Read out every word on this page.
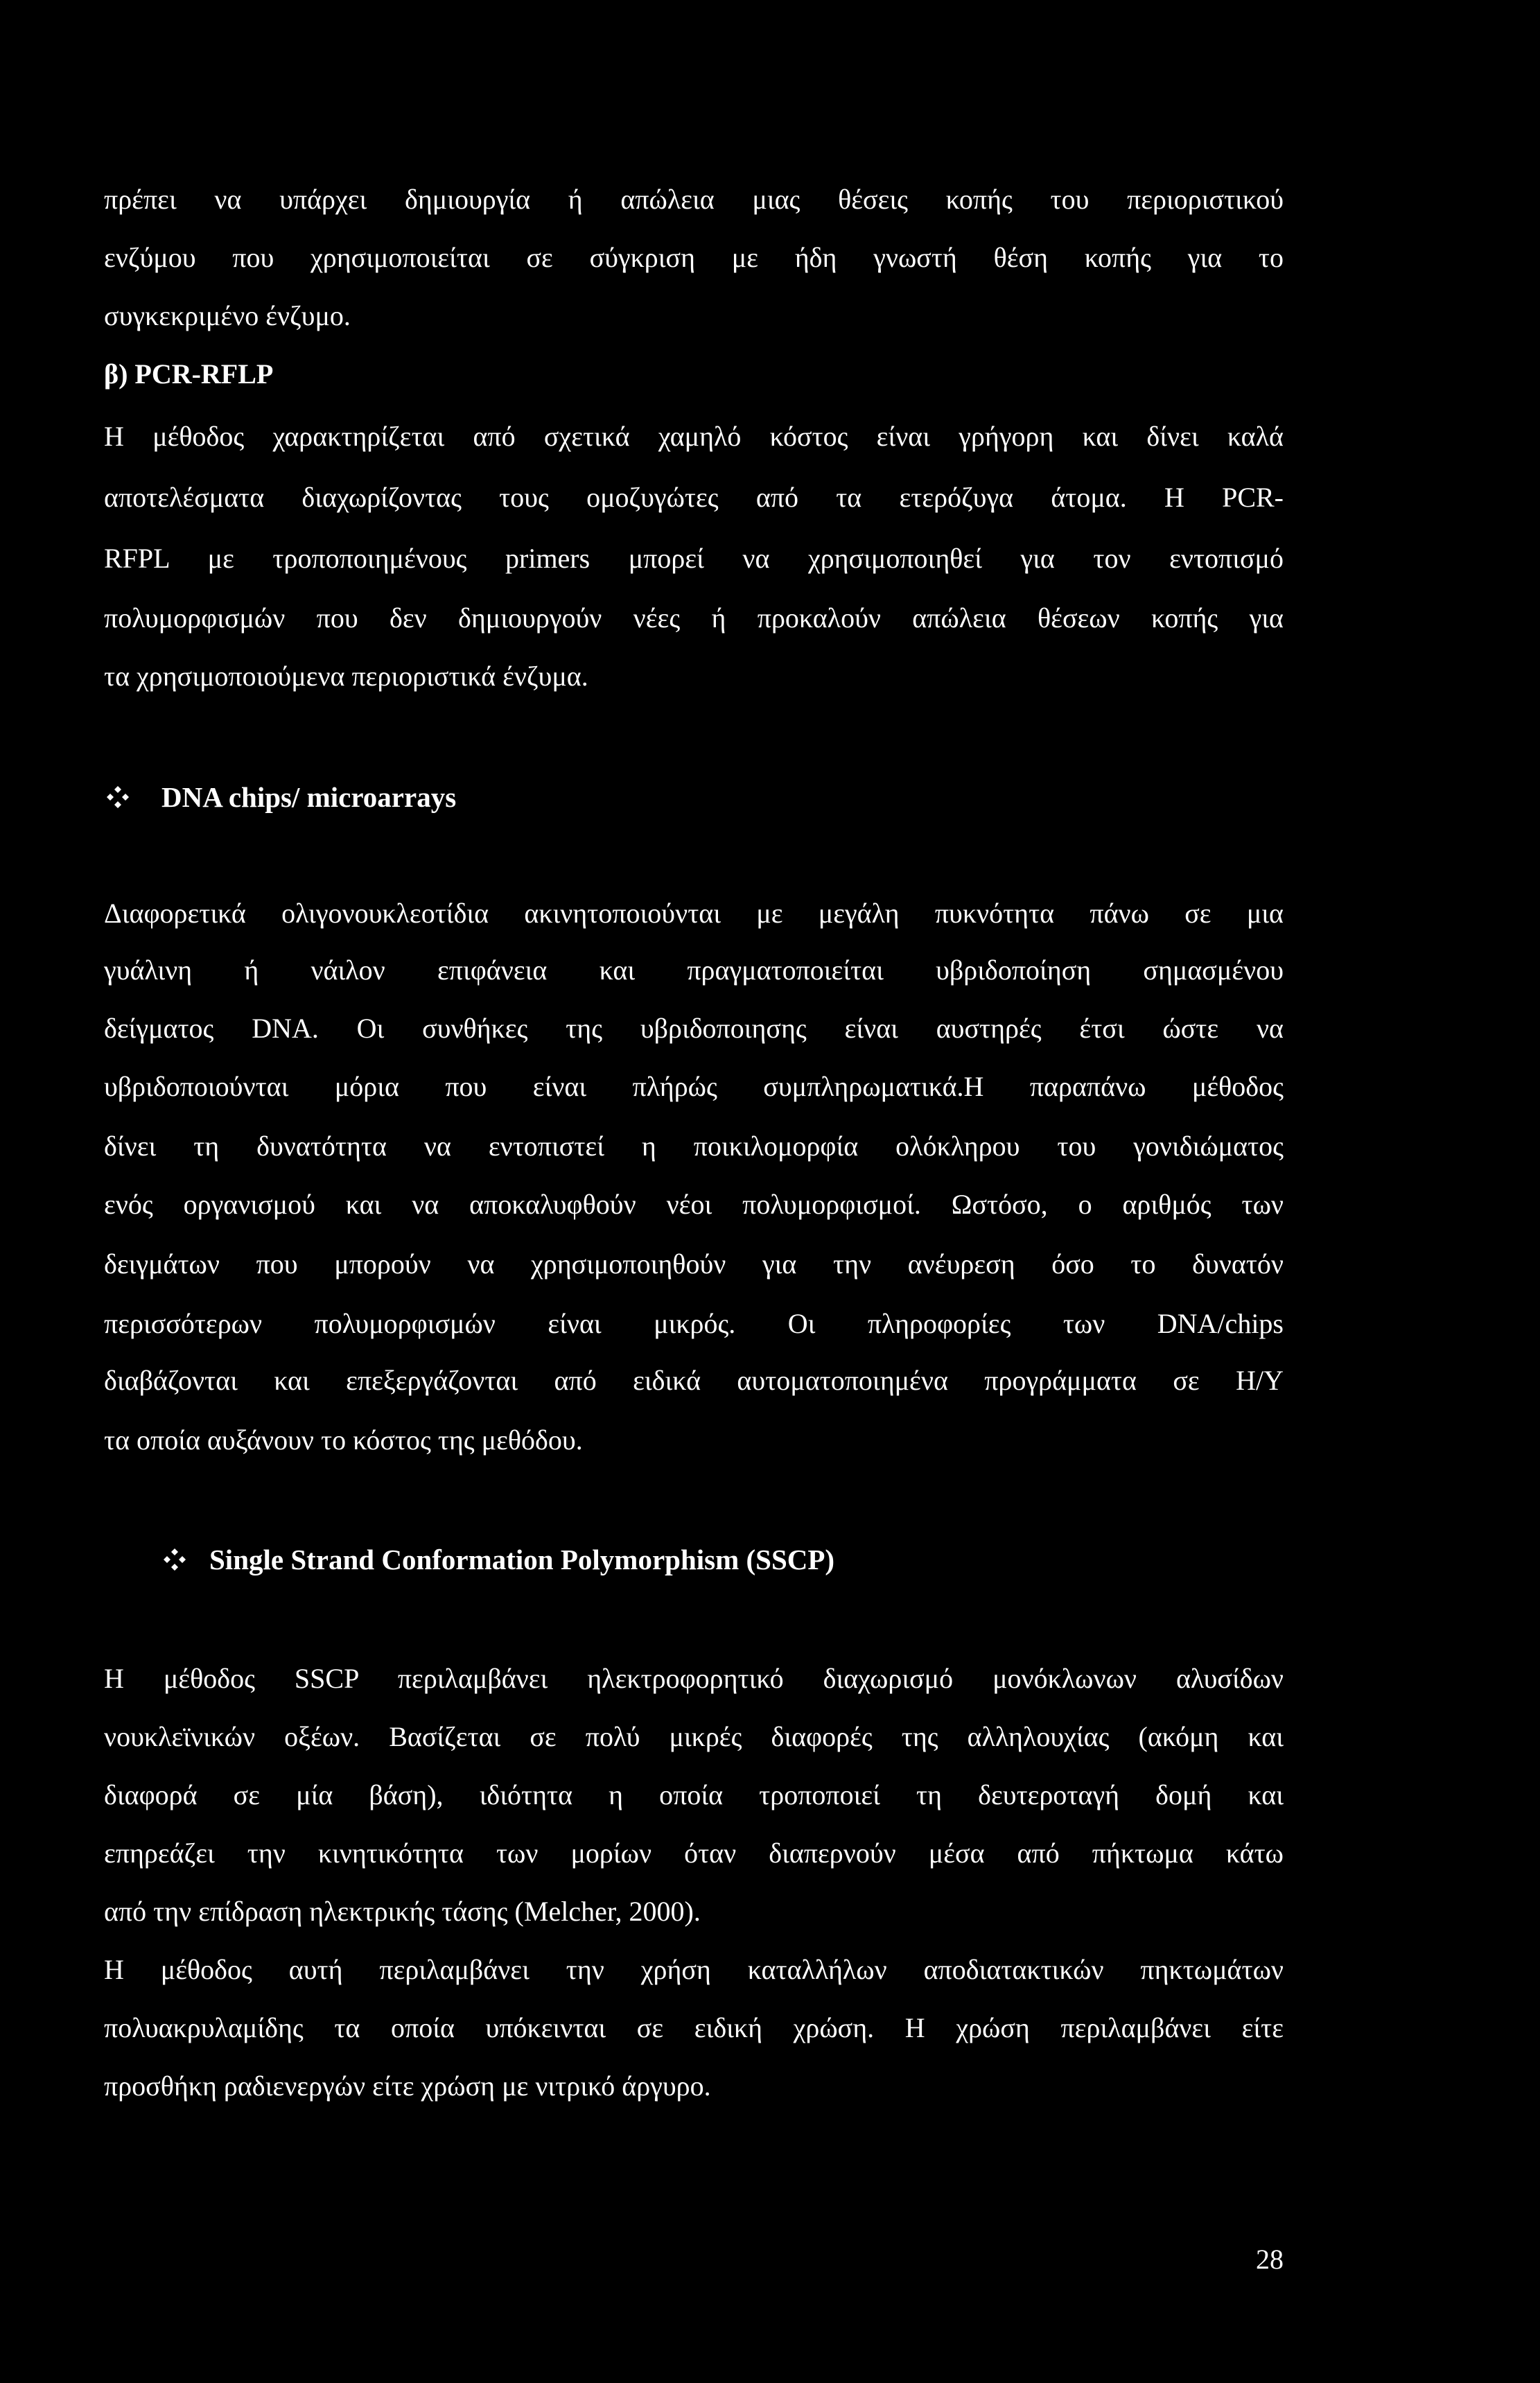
πρέπει να υπάρχει δημιουργία ή απώλεια μιας θέσεις κοπής του περιοριστικού
ενζύμου που χρησιμοποιείται σε σύγκριση με ήδη γνωστή θέση κοπής για το
συγκεκριμένο ένζυμο.
β) PCR-RFLP
Η μέθοδος χαρακτηρίζεται από σχετικά χαμηλό κόστος είναι γρήγορη και δίνει καλά
αποτελέσματα διαχωρίζοντας τους ομοζυγώτες από τα ετερόζυγα άτομα. Η PCR-
RFPL με τροποποιημένους primers μπορεί να χρησιμοποιηθεί για τον εντοπισμό
πολυμορφισμών που δεν δημιουργούν νέες ή προκαλούν απώλεια θέσεων κοπής για
τα χρησιμοποιούμενα περιοριστικά ένζυμα.
DNA chips/ microarrays
Διαφορετικά ολιγονουκλεοτίδια ακινητοποιούνται με μεγάλη πυκνότητα πάνω σε μια
γυάλινη ή νάιλον επιφάνεια και πραγματοποιείται υβριδοποίηση σημασμένου
δείγματος DNA. Οι συνθήκες της υβριδοποιησης είναι αυστηρές έτσι ώστε να
υβριδοποιούνται μόρια που είναι πλήρώς συμπληρωματικά.Η παραπάνω μέθοδος
δίνει τη δυνατότητα να εντοπιστεί η ποικιλομορφία ολόκληρου του γονιδιώματος
ενός οργανισμού και να αποκαλυφθούν νέοι πολυμορφισμοί. Ωστόσο, ο αριθμός των
δειγμάτων που μπορούν να χρησιμοποιηθούν για την ανέυρεση όσο το δυνατόν
περισσότερων πολυμορφισμών είναι μικρός. Οι πληροφορίες των DNA/chips
διαβάζονται και επεξεργάζονται από ειδικά αυτοματοποιημένα προγράμματα σε Η/Υ
τα οποία αυξάνουν το κόστος της μεθόδου.
Single Strand Conformation Polymorphism (SSCP)
Η μέθοδος SSCP περιλαμβάνει ηλεκτροφορητικό διαχωρισμό μονόκλωνων αλυσίδων
νουκλεϊνικών οξέων. Βασίζεται σε πολύ μικρές διαφορές της αλληλουχίας (ακόμη και
διαφορά σε μία βάση), ιδιότητα η οποία τροποποιεί τη δευτεροταγή δομή και
επηρεάζει την κινητικότητα των μορίων όταν διαπερνούν μέσα από πήκτωμα κάτω
από την επίδραση ηλεκτρικής τάσης (Melcher, 2000).
Η μέθοδος αυτή περιλαμβάνει την χρήση καταλλήλων αποδιατακτικών πηκτωμάτων
πολυακρυλαμίδης τα οποία υπόκεινται σε ειδική χρώση. Η χρώση περιλαμβάνει είτε
προσθήκη ραδιενεργών είτε χρώση με νιτρικό άργυρο.
28
